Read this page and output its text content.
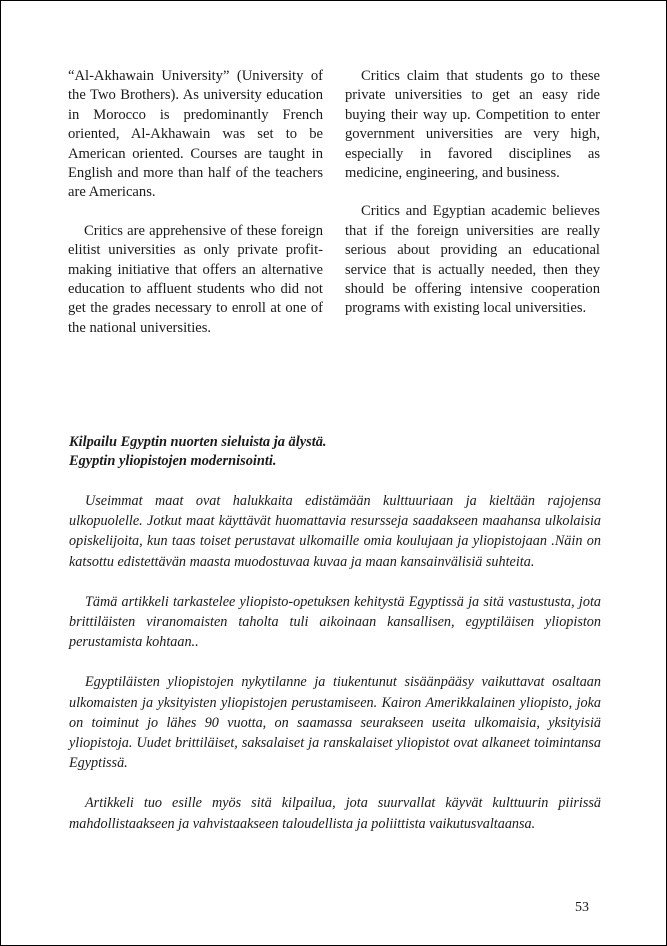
“Al-Akhawain University” (University of the Two Brothers). As university education in Morocco is predominantly French oriented, Al-Akhawain was set to be American oriented. Courses are taught in English and more than half of the teachers are Americans.

Critics are apprehensive of these foreign elitist universities as only private profit-making initiative that offers an alternative education to affluent students who did not get the grades necessary to enroll at one of the national universities.

Critics claim that students go to these private universities to get an easy ride buying their way up. Competition to enter government universities are very high, especially in favored disciplines as medicine, engineering, and business.

Critics and Egyptian academic believes that if the foreign universities are really serious about providing an educational service that is actually needed, then they should be offering intensive cooperation programs with existing local universities.

Kilpailu Egyptin nuorten sieluista ja älystä.
Egyptin yliopistojen modernisointi.

Useimmat maat ovat halukkaita edistämään kulttuuriaan ja kieltään rajojensa ulkopuolelle. Jotkut maat käyttävät huomattavia resursseja saadakseen maahansa ulkolaisia opiskelijoita, kun taas toiset perustavat ulkomaille omia koulujaan ja yliopistojaan .Näin on katsottu edistettävän maasta muodostuvaa kuvaa ja maan kansainvälisiä suhteita.

Tämä artikkeli tarkastelee yliopisto-opetuksen kehitystä Egyptissä ja sitä vastustusta, jota brittiläisten viranomaisten taholta tuli aikoinaan kansallisen, egyptiläisen yliopiston perustamista kohtaan..

Egyptiläisten yliopistojen nykytilanne ja tiukentunut sisäänpääsy vaikuttavat osaltaan ulkomaisten ja yksityisten yliopistojen perustamiseen. Kairon Amerikkalainen yliopisto, joka on toiminut jo lähes 90 vuotta, on saamassa seurakseen useita ulkomaisia, yksityisiä yliopistoja. Uudet brittiläiset, saksalaiset ja ranskalaiset yliopistot ovat alkaneet toimintansa Egyptissä.

Artikkeli tuo esille myös sitä kilpailua, jota suurvallat käyvät kulttuurin piirissä mahdollistaakseen ja vahvistaakseen taloudellista ja poliittista vaikutusvaltaansa.

53
